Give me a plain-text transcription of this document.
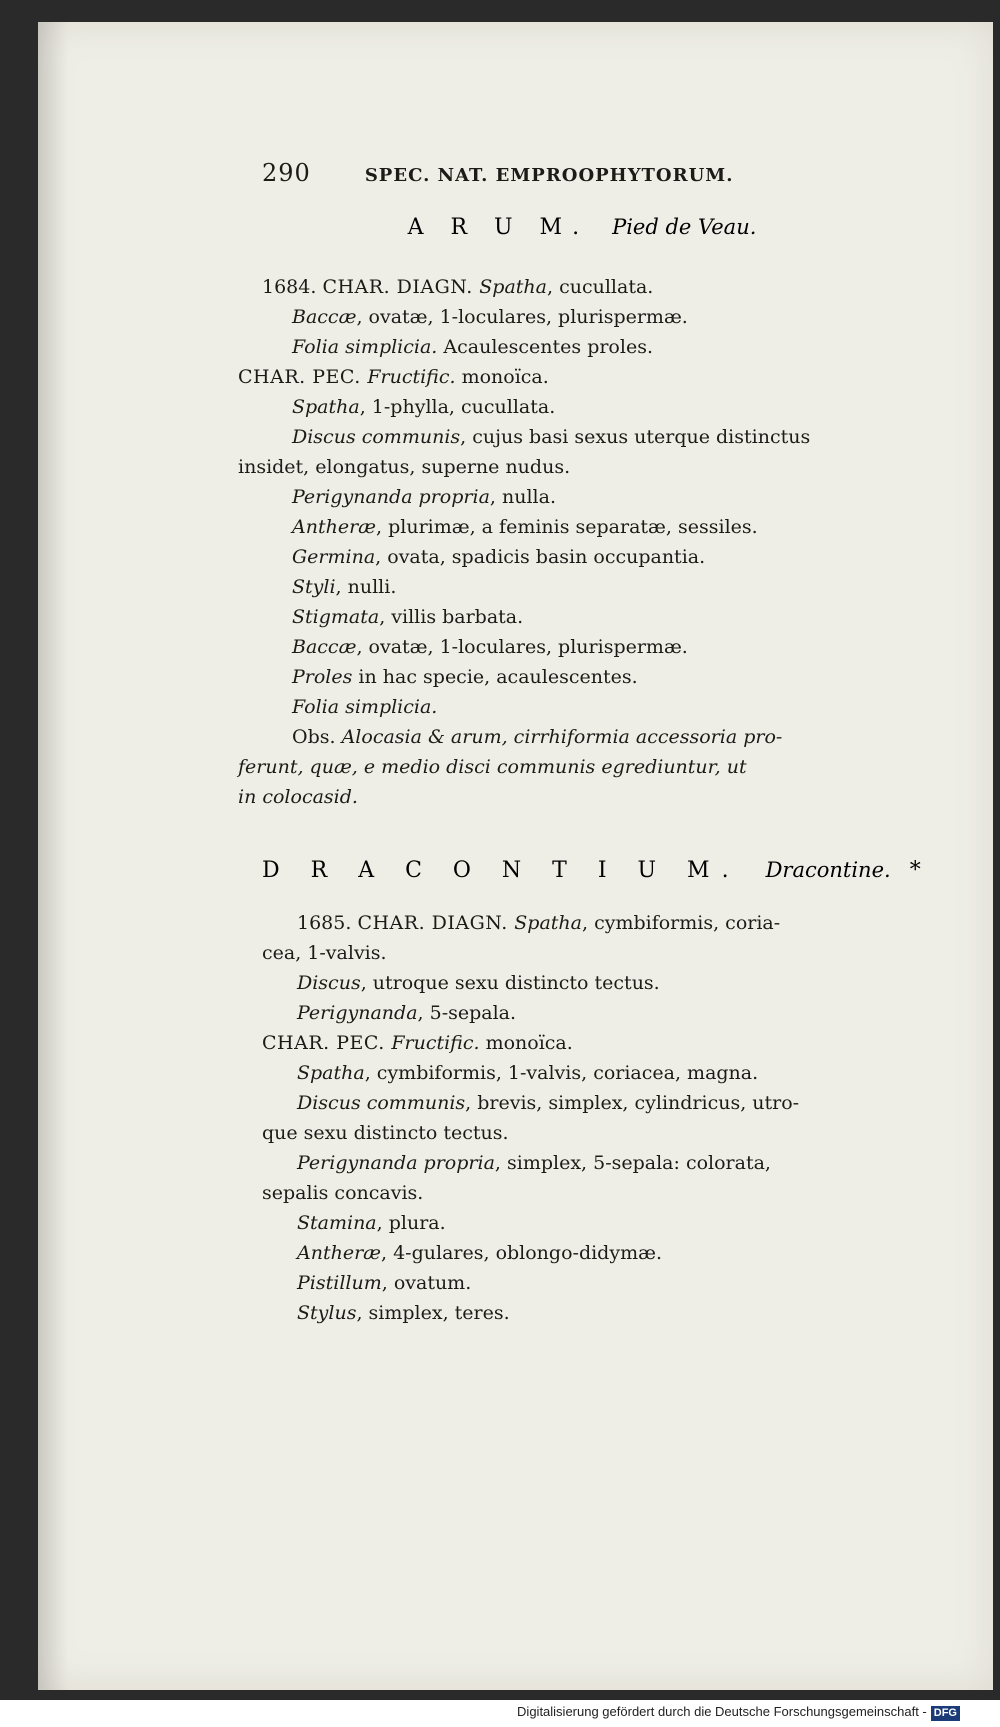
290	SPEC. NAT. EMPROOPHYTORUM.
A R U M. Pied de Veau.
1684. CHAR. DIAGN. Spatha, cucullata.
Baccæ, ovatæ, 1-loculares, plurispermæ.
Folia simplicia. Acaulescentes proles.
CHAR. PEC. Fructific. monoïca.
Spatha, 1-phylla, cucullata.
Discus communis, cujus basi sexus uterque distinctus
insidet, elongatus, superne nudus.
Perigynanda propria, nulla.
Antheræ, plurimæ, a feminis separatæ, sessiles.
Germina, ovata, spadicis basin occupantia.
Styli, nulli.
Stigmata, villis barbata.
Baccæ, ovatæ, 1-loculares, plurispermæ.
Proles in hac specie, acaulescentes.
Folia simplicia.
Obs. Alocasia & arum, cirrhiformia accessoria pro-
ferunt, quæ, e medio disci communis egrediuntur, ut
in colocasid.
D R A C O N T I U M. Dracontine. *
1685. CHAR. DIAGN. Spatha, cymbiformis, coria-
cea, 1-valvis.
Discus, utroque sexu distincto tectus.
Perigynanda, 5-sepala.
CHAR. PEC. Fructific. monoïca.
Spatha, cymbiformis, 1-valvis, coriacea, magna.
Discus communis, brevis, simplex, cylindricus, utro-
que sexu distincto tectus.
Perigynanda propria, simplex, 5-sepala: colorata,
sepalis concavis.
Stamina, plura.
Antheræ, 4-gulares, oblongo-didymæ.
Pistillum, ovatum.
Stylus, simplex, teres.
Digitalisierung gefördert durch die Deutsche Forschungsgemeinschaft - DFG
